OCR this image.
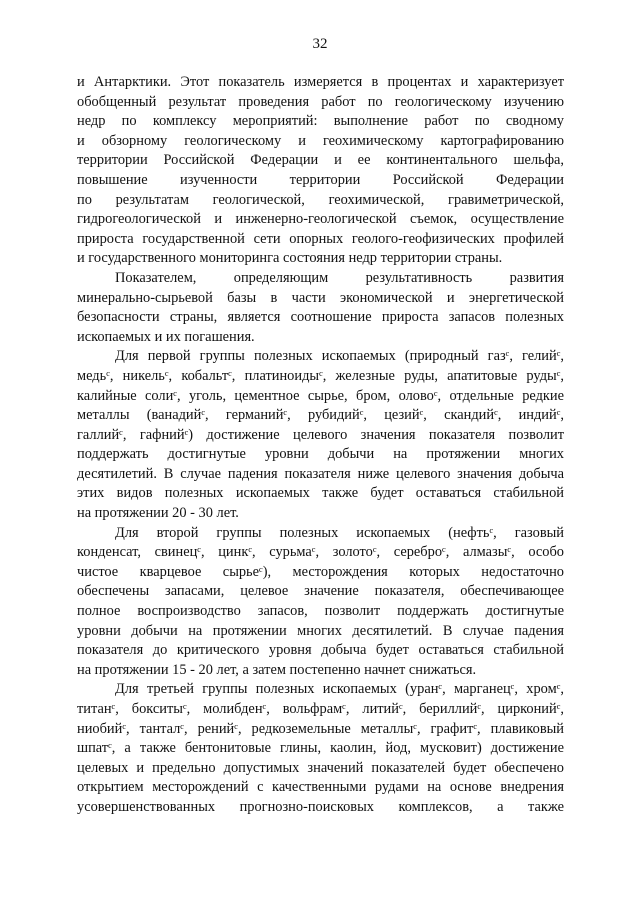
32
и Антарктики. Этот показатель измеряется в процентах и характеризует
обобщенный результат проведения работ по геологическому изучению
недр по комплексу мероприятий: выполнение работ по сводному
и обзорному геологическому и геохимическому картографированию
территории Российской Федерации и ее континентального шельфа,
повышение изученности территории Российской Федерации
по результатам геологической, геохимической, гравиметрической,
гидрогеологической и инженерно-геологической съемок, осуществление
прироста государственной сети опорных геолого-геофизических профилей
и государственного мониторинга состояния недр территории страны.
Показателем, определяющим результативность развития
минерально-сырьевой базы в части экономической и энергетической
безопасности страны, является соотношение прироста запасов полезных
ископаемых и их погашения.
Для первой группы полезных ископаемых (природный газᶜ, гелийᶜ,
медьᶜ, никельᶜ, кобальтᶜ, платиноидыᶜ, железные руды, апатитовые рудыᶜ,
калийные солиᶜ, уголь, цементное сырье, бром, оловоᶜ, отдельные редкие
металлы (ванадийᶜ, германийᶜ, рубидийᶜ, цезийᶜ, скандийᶜ, индийᶜ,
галлийᶜ, гафнийᶜ) достижение целевого значения показателя позволит
поддержать достигнутые уровни добычи на протяжении многих
десятилетий. В случае падения показателя ниже целевого значения добыча
этих видов полезных ископаемых также будет оставаться стабильной
на протяжении 20 - 30 лет.
Для второй группы полезных ископаемых (нефтьᶜ, газовый
конденсат, свинецᶜ, цинкᶜ, сурьмаᶜ, золотоᶜ, сереброᶜ, алмазыᶜ, особо
чистое кварцевое сырьеᶜ), месторождения которых недостаточно
обеспечены запасами, целевое значение показателя, обеспечивающее
полное воспроизводство запасов, позволит поддержать достигнутые
уровни добычи на протяжении многих десятилетий. В случае падения
показателя до критического уровня добыча будет оставаться стабильной
на протяжении 15 - 20 лет, а затем постепенно начнет снижаться.
Для третьей группы полезных ископаемых (уранᶜ, марганецᶜ, хромᶜ,
титанᶜ, бокситыᶜ, молибденᶜ, вольфрамᶜ, литийᶜ, бериллийᶜ, цирконийᶜ,
ниобийᶜ, танталᶜ, ренийᶜ, редкоземельные металлыᶜ, графитᶜ, плавиковый
шпатᶜ, а также бентонитовые глины, каолин, йод, мусковит) достижение
целевых и предельно допустимых значений показателей будет обеспечено
открытием месторождений с качественными рудами на основе внедрения
усовершенствованных прогнозно-поисковых комплексов, а также
